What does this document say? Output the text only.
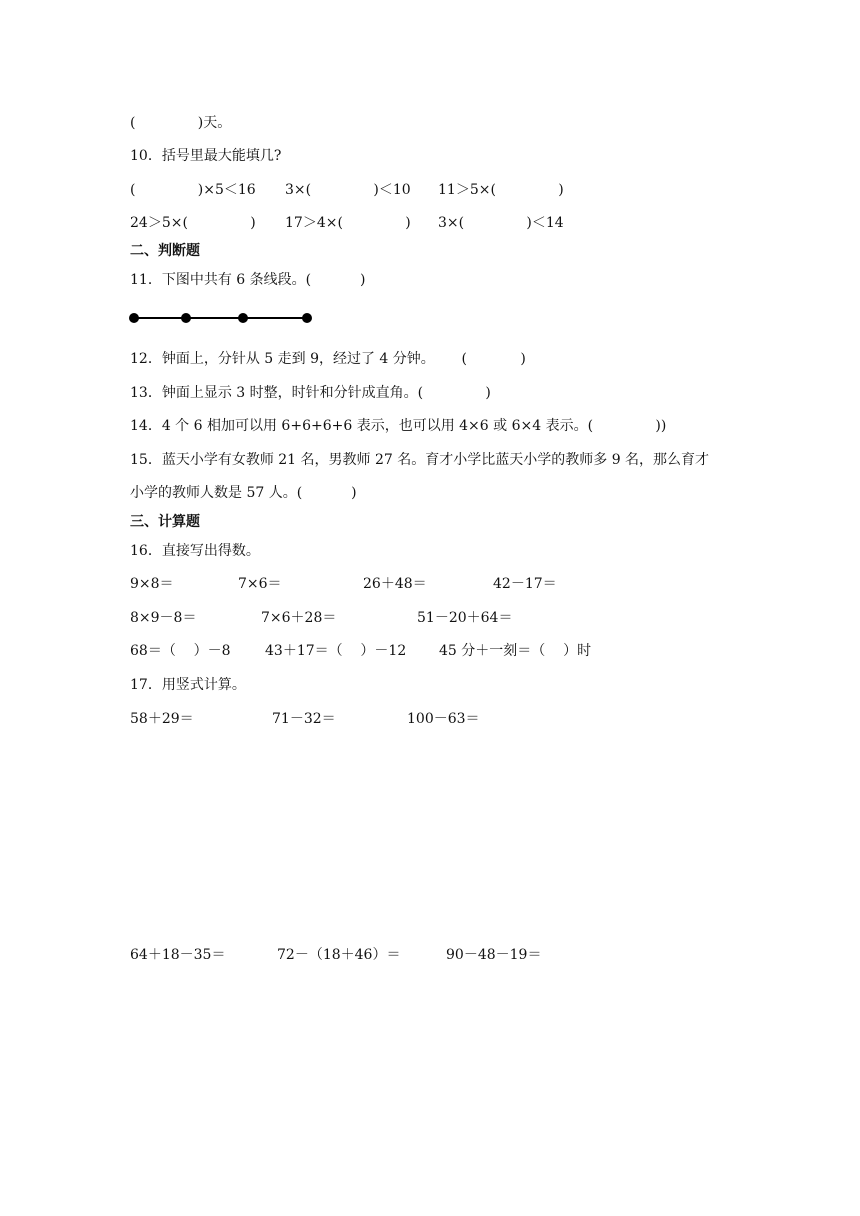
(              )天。

10．括号里最大能填几?

(              )×5＜16

3×(              )＜10

11＞5×(              )

24＞5×(              )

17＞4×(              )

3×(              )＜14

二、判断题

11．下图中共有 6 条线段。(           )

12．钟面上，分针从 5 走到 9，经过了 4 分钟。      (            )

13．钟面上显示 3 时整，时针和分针成直角。(              )

14．4 个 6 相加可以用 6+6+6+6 表示，也可以用 4×6 或 6×4 表示。(              ))

15．蓝天小学有女教师 21 名，男教师 27 名。育才小学比蓝天小学的教师多 9 名，那么育才

小学的教师人数是 57 人。(           )

三、计算题

16．直接写出得数。

9×8＝

	7×6＝

	26＋48＝

	42－17＝

8×9－8＝

	7×6＋28＝

	51－20＋64＝

68＝（    ）－8

43＋17＝（    ）－12

45 分＋一刻＝（    ）时

17．用竖式计算。

58＋29＝

	71－32＝

	100－63＝

64＋18－35＝

	72－（18＋46）＝

	90－48－19＝
